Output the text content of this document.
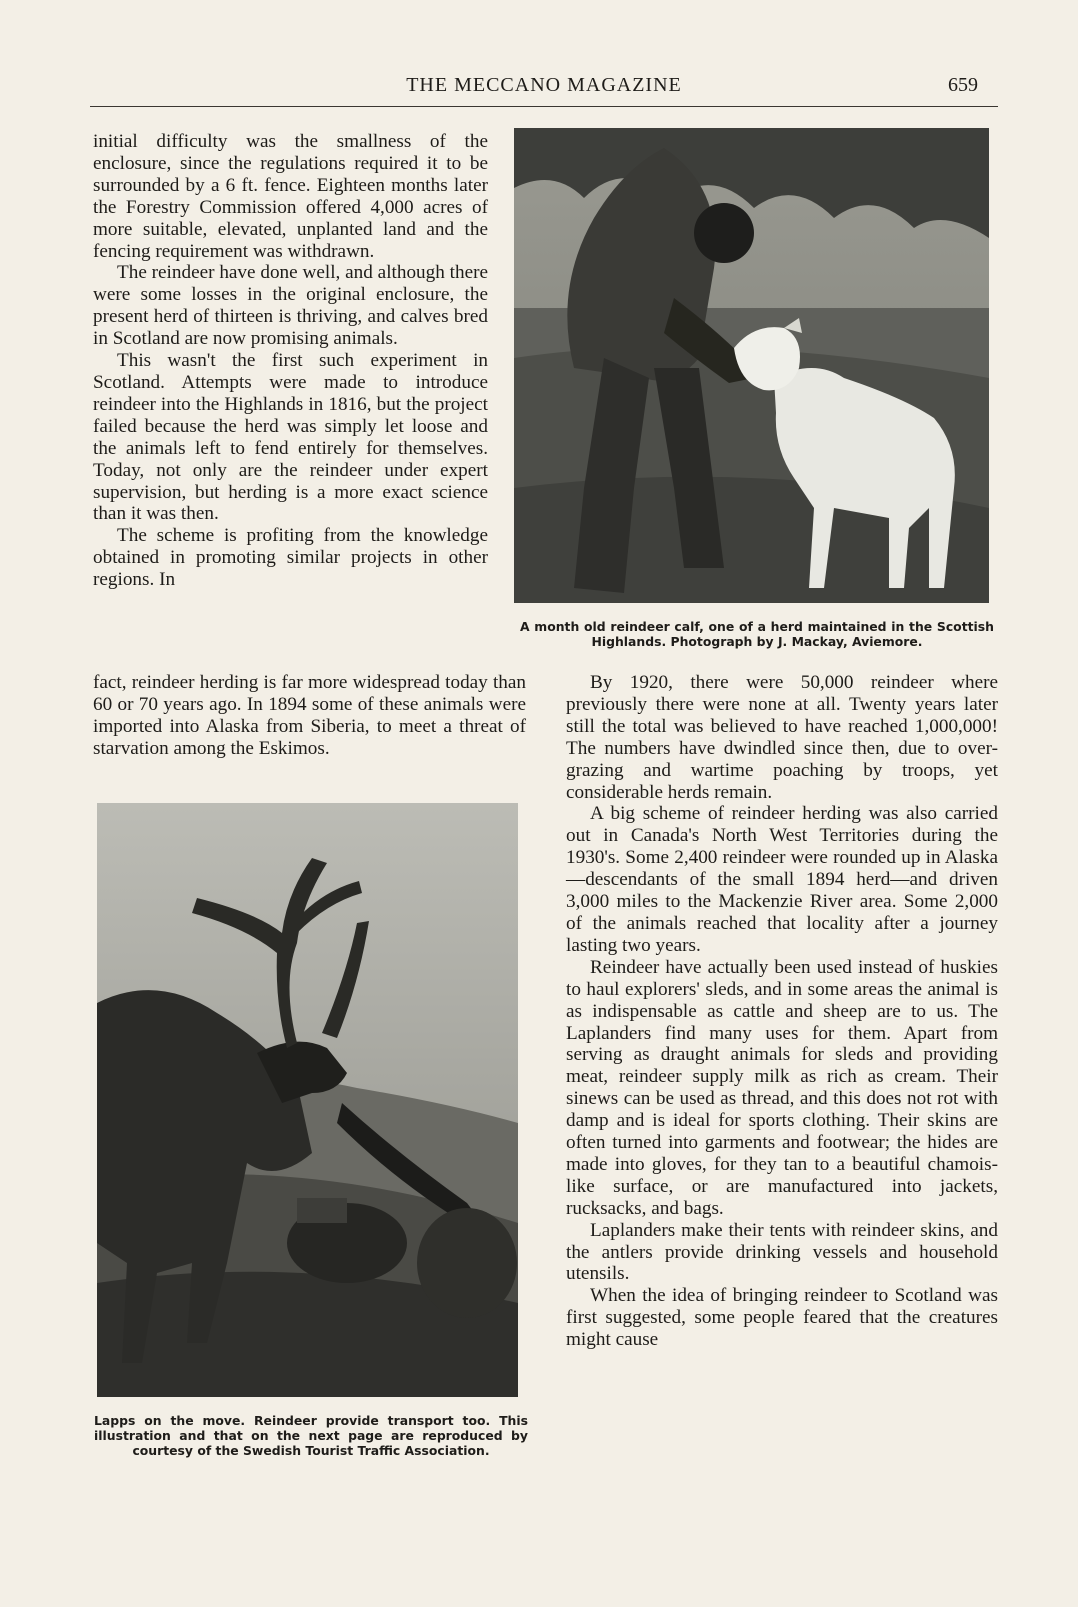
THE MECCANO MAGAZINE	659

initial difficulty was the smallness of the enclosure, since the regulations required it to be surrounded by a 6 ft. fence. Eighteen months later the Forestry Commission offered 4,000 acres of more suitable, elevated, unplanted land and the fencing requirement was withdrawn.

The reindeer have done well, and although there were some losses in the original enclosure, the present herd of thirteen is thriving, and calves bred in Scotland are now promising animals.

This wasn't the first such experiment in Scotland. Attempts were made to introduce reindeer into the Highlands in 1816, but the project failed because the herd was simply let loose and the animals left to fend entirely for themselves. Today, not only are the reindeer under expert supervision, but herding is a more exact science than it was then.

The scheme is profiting from the knowledge obtained in promoting similar projects in other regions. In

fact, reindeer herding is far more widespread today than 60 or 70 years ago. In 1894 some of these animals were imported into Alaska from Siberia, to meet a threat of starvation among the Eskimos.

A month old reindeer calf, one of a herd maintained in the Scottish Highlands. Photograph by J. Mackay, Aviemore.
Lapps on the move. Reindeer provide transport too. This illustration and that on the next page are reproduced by courtesy of the Swedish Tourist Traffic Association.

By 1920, there were 50,000 reindeer where previously there were none at all. Twenty years later still the total was believed to have reached 1,000,000! The numbers have dwindled since then, due to over-grazing and wartime poaching by troops, yet considerable herds remain.

A big scheme of reindeer herding was also carried out in Canada's North West Territories during the 1930's. Some 2,400 reindeer were rounded up in Alaska—descendants of the small 1894 herd—and driven 3,000 miles to the Mackenzie River area. Some 2,000 of the animals reached that locality after a journey lasting two years.

Reindeer have actually been used instead of huskies to haul explorers' sleds, and in some areas the animal is as indispensable as cattle and sheep are to us. The Laplanders find many uses for them. Apart from serving as draught animals for sleds and providing meat, reindeer supply milk as rich as cream. Their sinews can be used as thread, and this does not rot with damp and is ideal for sports clothing. Their skins are often turned into garments and footwear; the hides are made into gloves, for they tan to a beautiful chamois-like surface, or are manufactured into jackets, rucksacks, and bags.

Laplanders make their tents with reindeer skins, and the antlers provide drinking vessels and household utensils.

When the idea of bringing reindeer to Scotland was first suggested, some people feared that the creatures might cause
